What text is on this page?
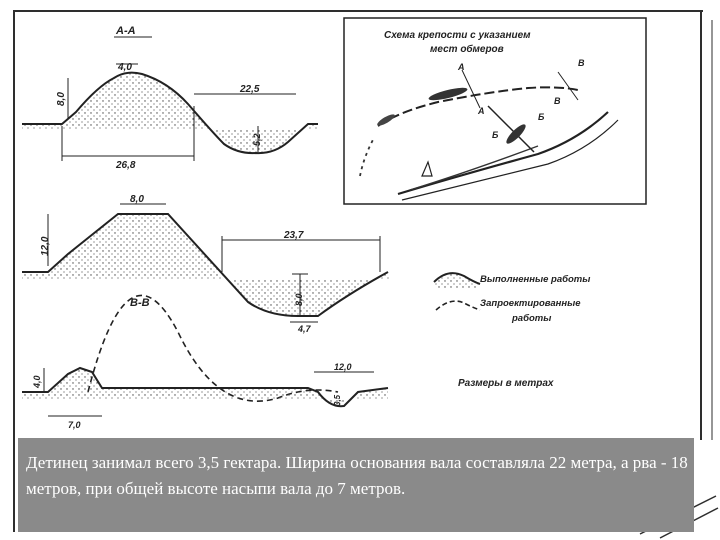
А-А
4,0
8,0
22,5
5,2
26,8
8,0
12,0
23,7
8,0
4,7
В-В
4,0
12,0
3,5
7,0
Схема крепости с указанием
мест обмеров
А
А
Б
Б
В
В
Выполненные работы
Запроектированные
работы
Размеры в метрах

Детинец занимал всего 3,5 гектара. Ширина основания вала составляла 22 метра, а рва - 18 метров, при общей высоте насыпи вала до 7 метров.
